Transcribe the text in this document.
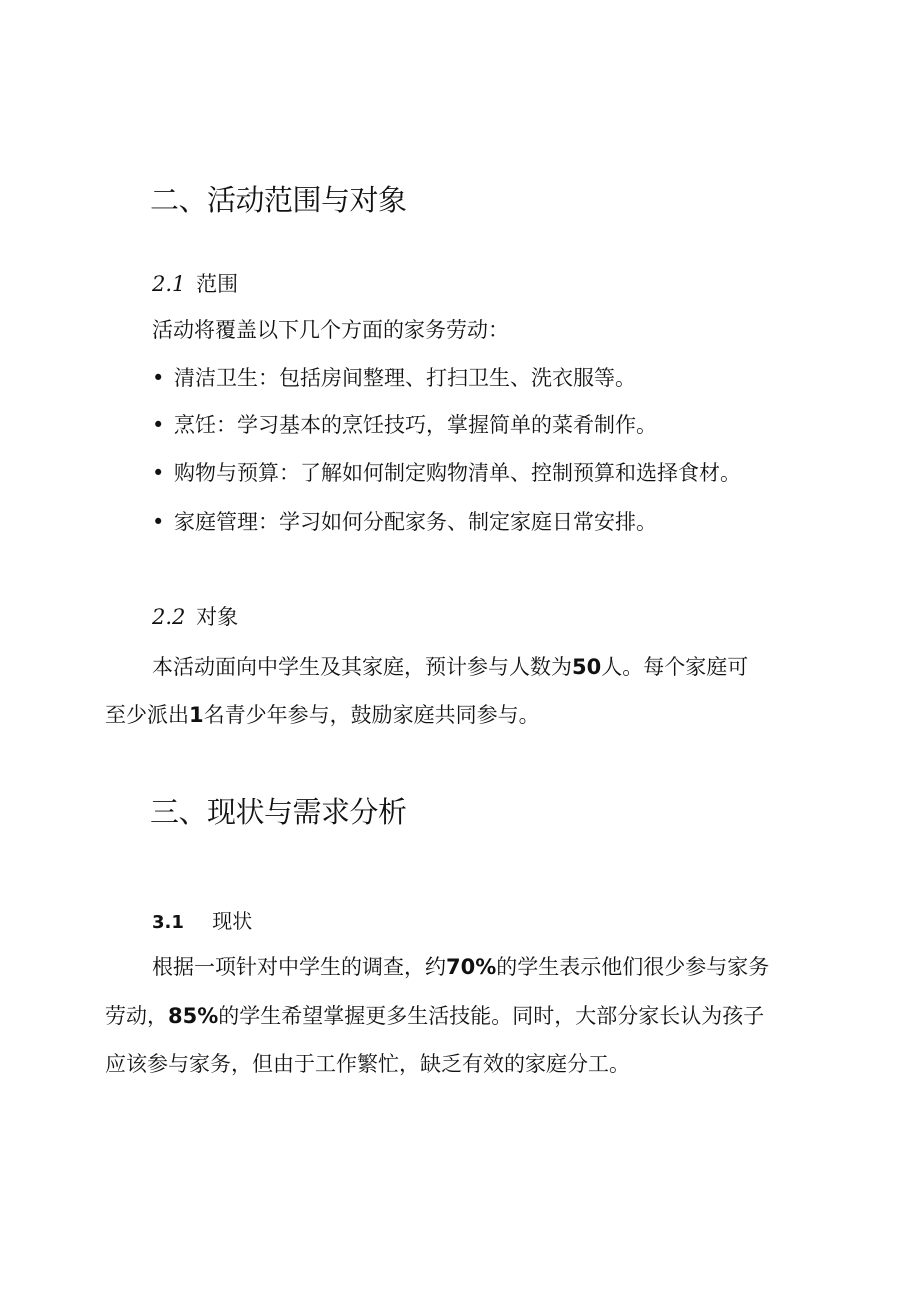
二、活动范围与对象
2.1 范围
活动将覆盖以下几个方面的家务劳动：
• 清洁卫生：包括房间整理、打扫卫生、洗衣服等。
• 烹饪：学习基本的烹饪技巧，掌握简单的菜肴制作。
• 购物与预算：了解如何制定购物清单、控制预算和选择食材。
• 家庭管理：学习如何分配家务、制定家庭日常安排。
2.2 对象
本活动面向中学生及其家庭，预计参与人数为50人。每个家庭可
至少派出1名青少年参与，鼓励家庭共同参与。
三、现状与需求分析
3.1 现状
根据一项针对中学生的调查，约70%的学生表示他们很少参与家务
劳动，85%的学生希望掌握更多生活技能。同时，大部分家长认为孩子
应该参与家务，但由于工作繁忙，缺乏有效的家庭分工。
